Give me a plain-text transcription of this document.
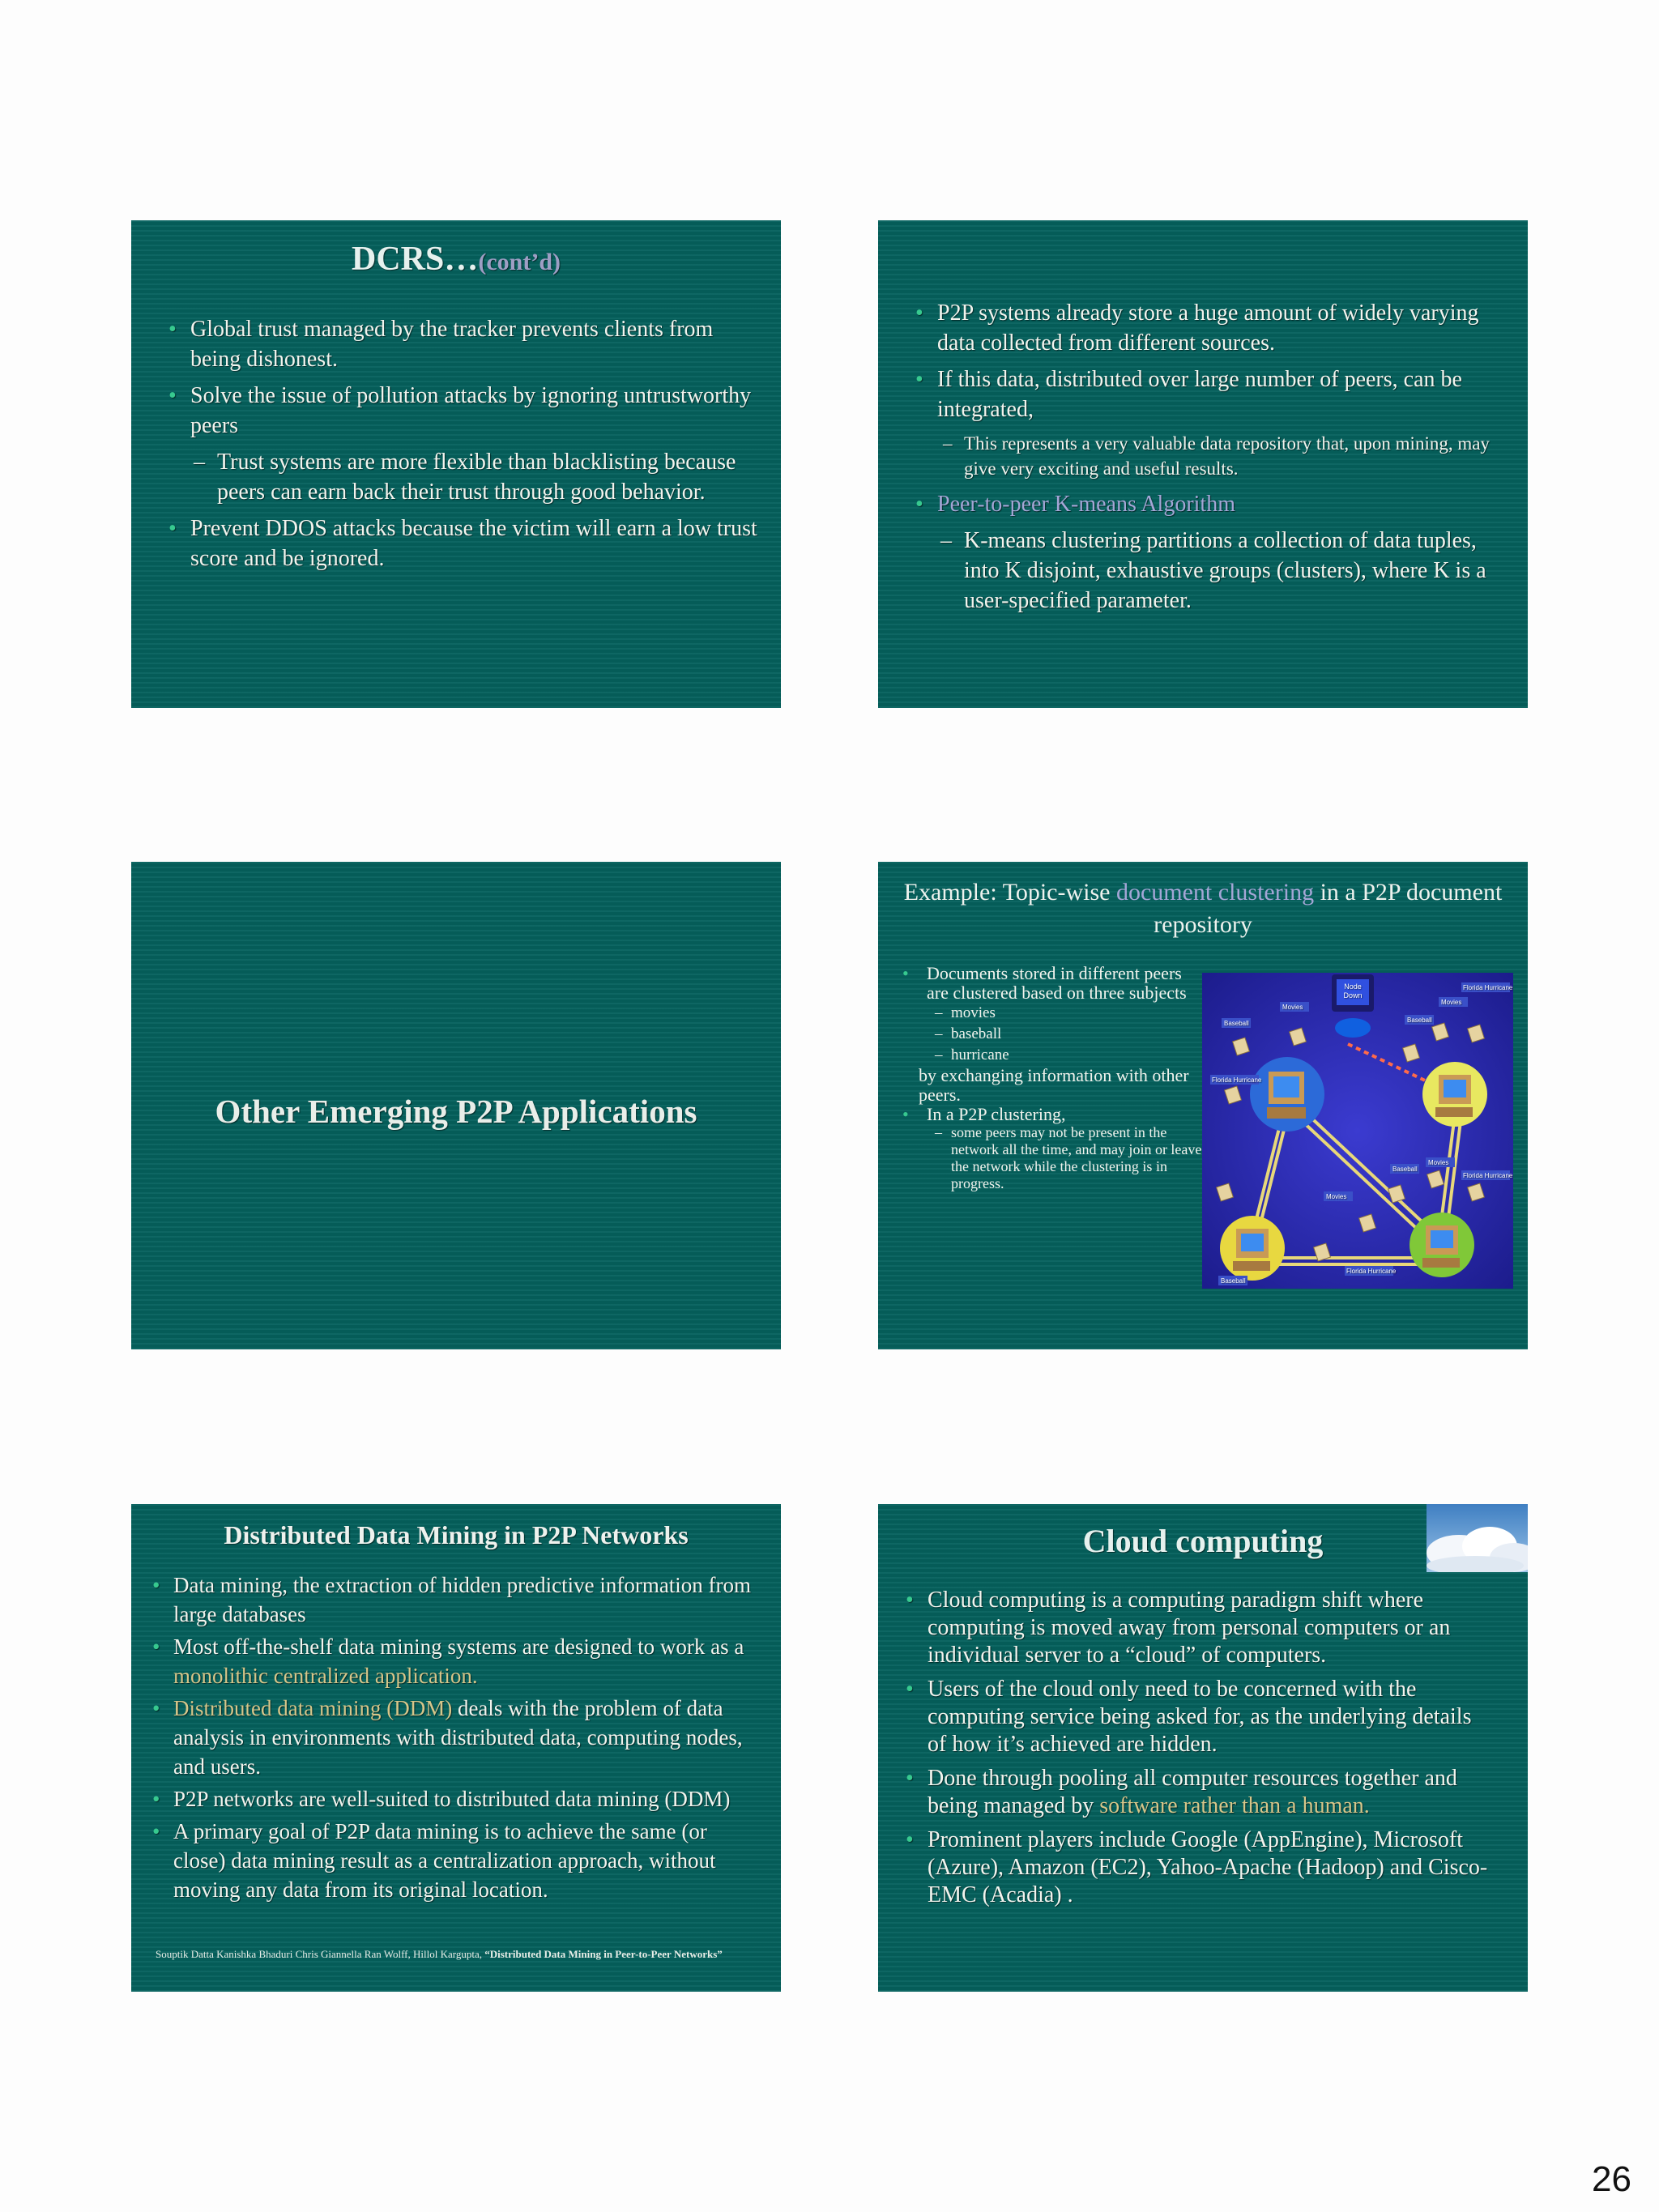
DCRS…(cont’d)
• Global trust managed by the tracker prevents clients from being dishonest.
• Solve the issue of pollution attacks by ignoring untrustworthy peers
– Trust systems are more flexible than blacklisting because peers can earn back their trust through good behavior.
• Prevent DDOS attacks because the victim will earn a low trust score and be ignored.
• P2P systems already store a huge amount of widely varying data collected from different sources.
• If this data, distributed over large number of peers, can be integrated,
– This represents a very valuable data repository that, upon mining, may give very exciting and useful results.
• Peer-to-peer K-means Algorithm
– K-means clustering partitions a collection of data tuples, into K disjoint, exhaustive groups (clusters), where K is a user-specified parameter.
Other Emerging P2P Applications
Example: Topic-wise document clustering in a P2P document repository
• Documents stored in different peers are clustered based on three subjects
– movies
– baseball
– hurricane
by exchanging information with other peers.
• In a P2P clustering,
– some peers may not be present in the network all the time, and may join or leave the network while the clustering is in progress.
Node
Down
Movies
Baseball
Movies
Baseball
Movies
Florida Hurricane
Florida Hurricane
Baseball
Movies
Florida Hurricane
Florida Hurricane
Baseball
Distributed Data Mining in P2P Networks
• Data mining, the extraction of hidden predictive information from large databases
• Most off-the-shelf data mining systems are designed to work as a monolithic centralized application.
• Distributed data mining (DDM) deals with the problem of data analysis in environments with distributed data, computing nodes, and users.
• P2P networks are well-suited to distributed data mining (DDM)
• A primary goal of P2P data mining is to achieve the same (or close) data mining result as a centralization approach, without moving any data from its original location.
Souptik Datta Kanishka Bhaduri Chris Giannella Ran Wolff, Hillol Kargupta, “Distributed Data Mining in Peer-to-Peer Networks”
Cloud computing
• Cloud computing is a computing paradigm shift where computing is moved away from personal computers or an individual server to a “cloud” of computers.
• Users of the cloud only need to be concerned with the computing service being asked for, as the underlying details of how it’s achieved are hidden.
• Done through pooling all computer resources together and being managed by software rather than a human.
• Prominent players include Google (AppEngine), Microsoft (Azure), Amazon (EC2), Yahoo-Apache (Hadoop) and Cisco-EMC (Acadia) .
26
